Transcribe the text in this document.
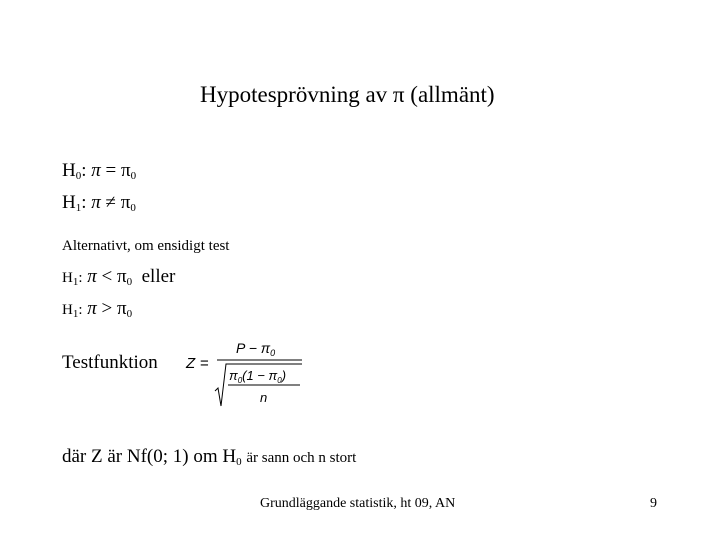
Hypotesprövning av π (allmänt)
$H_0$: $\pi = \pi_0$
$H_1$: $\pi \ne \pi_0$
Alternativt, om ensidigt test
$H_1$: $\pi < \pi_0$ eller
$H_1$: $\pi > \pi_0$
Testfunktion Z =
$P - \pi_0$
$\pi_0(1 - \pi_0)$
n
där Z är Nf(0; 1) om $H_0$ är sann och n stort
Grundläggande statistik, ht 09, AN	9
